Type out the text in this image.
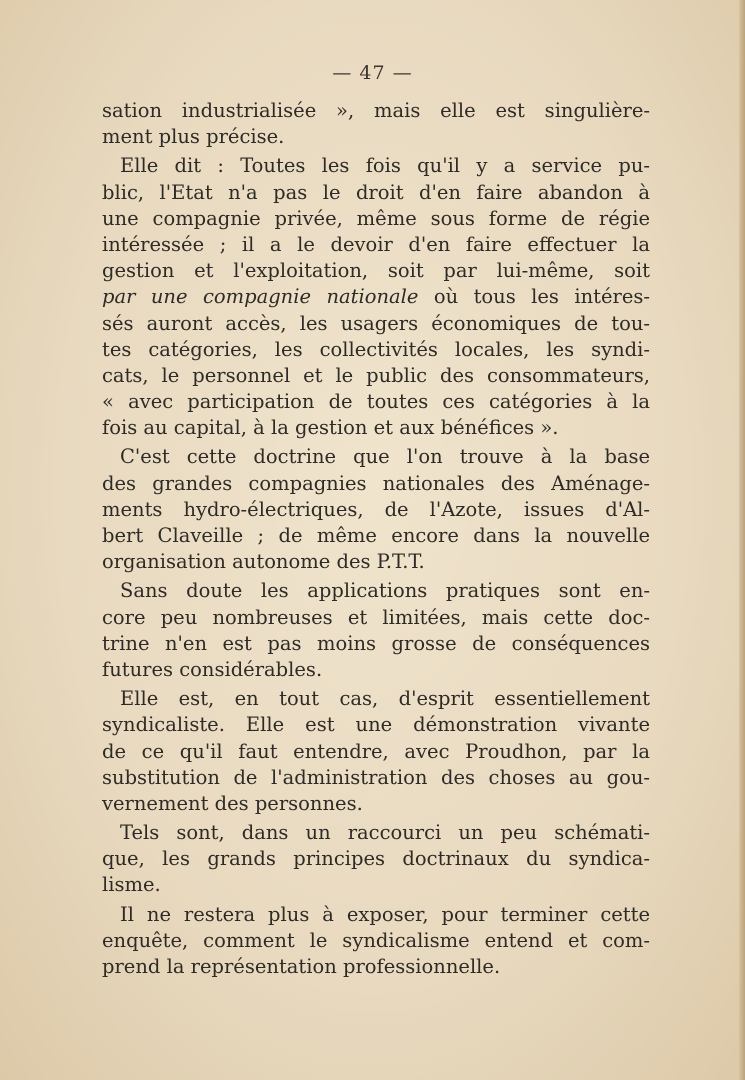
— 47 —
sation industrialisée », mais elle est singulière-
ment plus précise.
Elle dit : Toutes les fois qu'il y a service pu-
blic, l'Etat n'a pas le droit d'en faire abandon à
une compagnie privée, même sous forme de régie
intéressée ; il a le devoir d'en faire effectuer la
gestion et l'exploitation, soit par lui-même, soit
par une compagnie nationale où tous les intéres-
sés auront accès, les usagers économiques de tou-
tes catégories, les collectivités locales, les syndi-
cats, le personnel et le public des consommateurs,
« avec participation de toutes ces catégories à la
fois au capital, à la gestion et aux bénéfices ».
C'est cette doctrine que l'on trouve à la base
des grandes compagnies nationales des Aménage-
ments hydro-électriques, de l'Azote, issues d'Al-
bert Claveille ; de même encore dans la nouvelle
organisation autonome des P.T.T.
Sans doute les applications pratiques sont en-
core peu nombreuses et limitées, mais cette doc-
trine n'en est pas moins grosse de conséquences
futures considérables.
Elle est, en tout cas, d'esprit essentiellement
syndicaliste. Elle est une démonstration vivante
de ce qu'il faut entendre, avec Proudhon, par la
substitution de l'administration des choses au gou-
vernement des personnes.
Tels sont, dans un raccourci un peu schémati-
que, les grands principes doctrinaux du syndica-
lisme.
Il ne restera plus à exposer, pour terminer cette
enquête, comment le syndicalisme entend et com-
prend la représentation professionnelle.
